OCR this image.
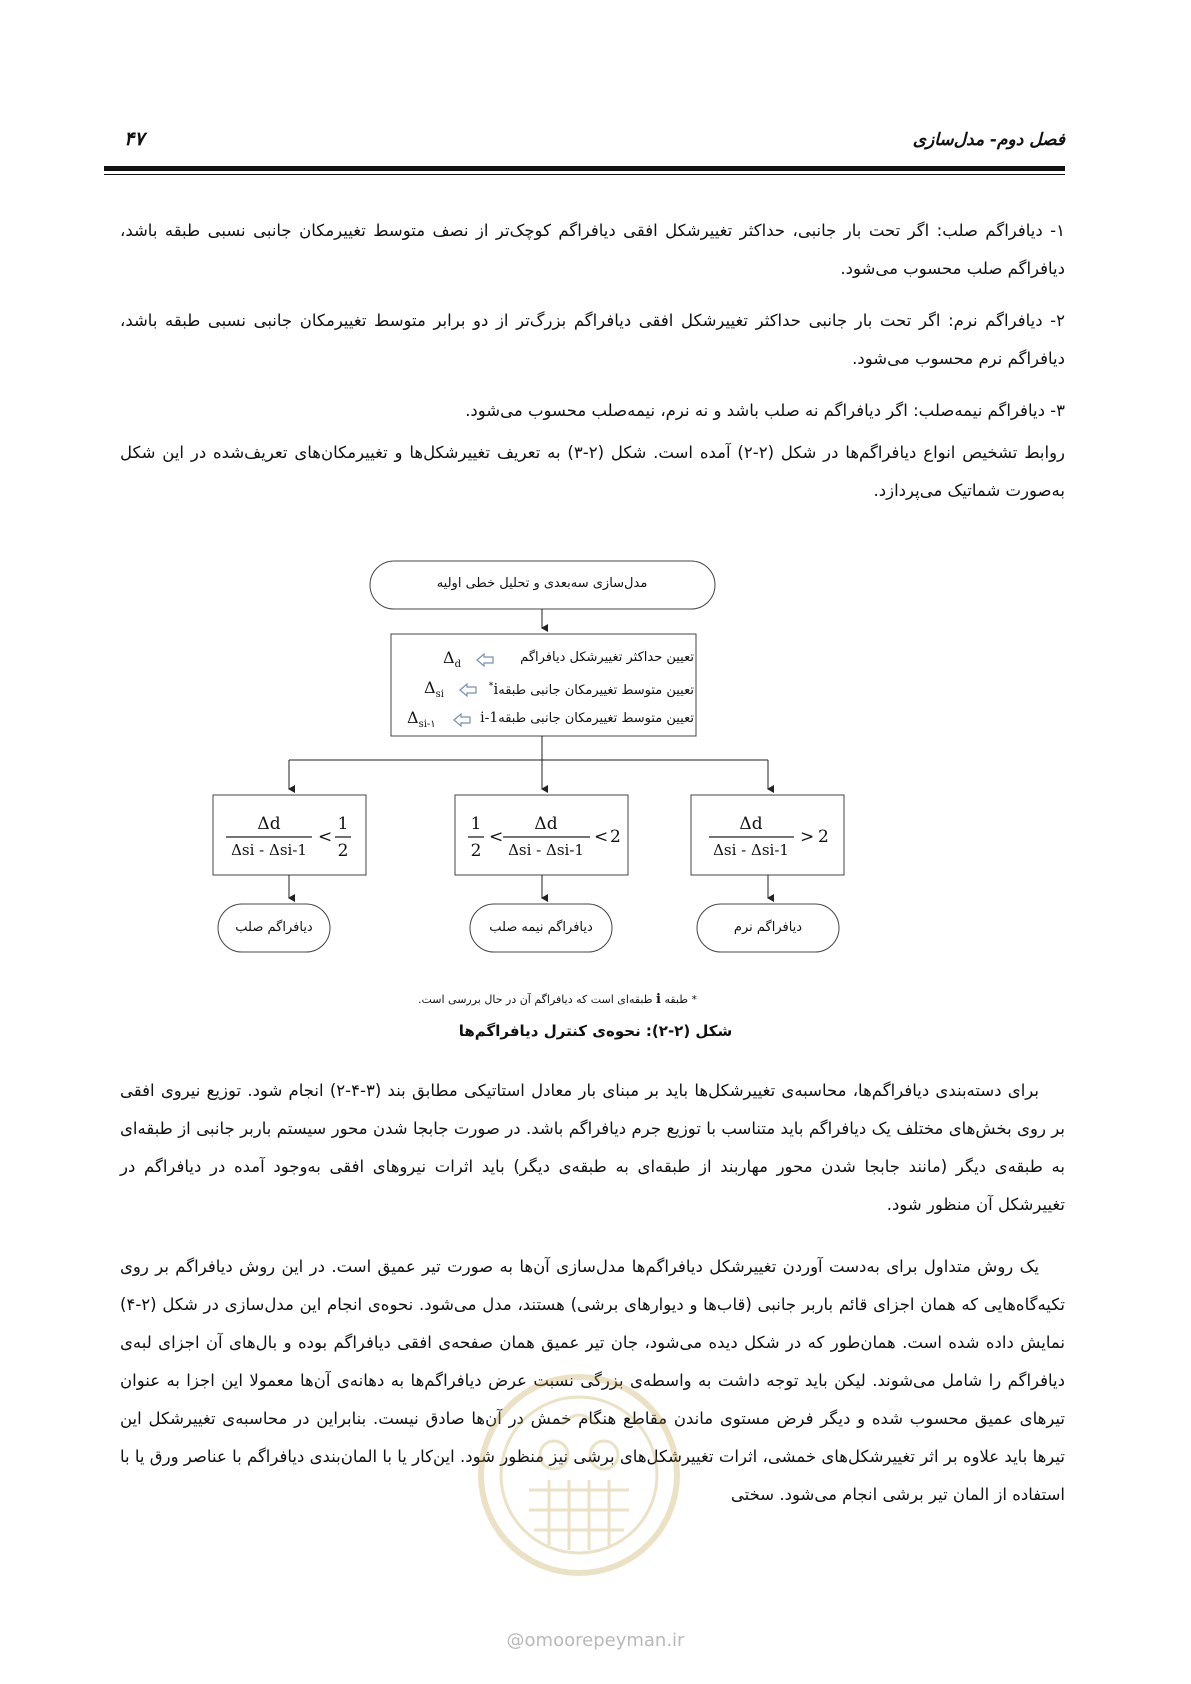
فصل دوم- مدل‌سازی
۴۷

۱- دیافراگم صلب: اگر تحت بار جانبی، حداکثر تغییرشکل افقی دیافراگم کوچک‌تر از نصف متوسط تغییرمکان جانبی نسبی طبقه باشد، دیافراگم صلب محسوب می‌شود.

۲- دیافراگم نرم: اگر تحت بار جانبی حداکثر تغییرشکل افقی دیافراگم بزرگ‌تر از دو برابر متوسط تغییرمکان جانبی نسبی طبقه باشد، دیافراگم نرم محسوب می‌شود.

۳- دیافراگم نیمه‌صلب: اگر دیافراگم نه صلب باشد و نه نرم، نیمه‌صلب محسوب می‌شود.

روابط تشخیص انواع دیافراگم‌ها در شکل (۲-۲) آمده است. شکل (۲-۳) به تعریف تغییرشکل‌ها و تغییرمکان‌های تعریف‌شده در این شکل به‌صورت شماتیک می‌پردازد.

مدل‌سازی سه‌بعدی و تحلیل خطی اولیه
تعیین حداکثر تغییرشکل دیافراگم
$\Delta_d$
تعیین متوسط تغییرمکان جانبی طبقهi*
$\Delta_{si}$
تعیین متوسط تغییرمکان جانبی طبقهi-1
$\Delta_{si-۱}$
Δd
Δsi - Δsi-1
<
1
2
1
2
<
Δd
Δsi - Δsi-1
< 2
Δd
Δsi - Δsi-1
> 2
دیافراگم صلب	دیافراگم نیمه صلب	دیافراگم نرم
* طبقه i طبقه‌ای است که دیافراگم آن در حال بررسی است.
شکل (۲-۲): نحوه‌ی کنترل دیافراگم‌ها

برای دسته‌بندی دیافراگم‌ها، محاسبه‌ی تغییرشکل‌ها باید بر مبنای بار معادل استاتیکی مطابق بند (۳-۴-۲) انجام شود. توزیع نیروی افقی بر روی بخش‌های مختلف یک دیافراگم باید متناسب با توزیع جرم دیافراگم باشد. در صورت جابجا شدن محور سیستم باربر جانبی از طبقه‌ای به طبقه‌ی دیگر (مانند جابجا شدن محور مهاربند از طبقه‌ای به طبقه‌ی دیگر) باید اثرات نیروهای افقی به‌وجود آمده در دیافراگم در تغییرشکل آن منظور شود.

یک روش متداول برای به‌دست آوردن تغییرشکل دیافراگم‌ها مدل‌سازی آن‌ها به صورت تیر عمیق است. در این روش دیافراگم بر روی تکیه‌گاه‌هایی که همان اجزای قائم باربر جانبی (قاب‌ها و دیوارهای برشی) هستند، مدل می‌شود. نحوه‌ی انجام این مدل‌سازی در شکل (۲-۴) نمایش داده شده است. همان‌طور که در شکل دیده می‌شود، جان تیر عمیق همان صفحه‌ی افقی دیافراگم بوده و بال‌های آن اجزای لبه‌ی دیافراگم را شامل می‌شوند. لیکن باید توجه داشت به واسطه‌ی بزرگی نسبت عرض دیافراگم‌ها به دهانه‌ی آن‌ها معمولا این اجزا به عنوان تیرهای عمیق محسوب شده و دیگر فرض مستوی ماندن مقاطع هنگام خمش در آن‌ها صادق نیست. بنابراین در محاسبه‌ی تغییرشکل این تیرها باید علاوه بر اثر تغییرشکل‌های خمشی، اثرات تغییرشکل‌های برشی نیز منظور شود. این‌کار یا با المان‌بندی دیافراگم با عناصر ورق یا با استفاده از المان تیر برشی انجام می‌شود. سختی

@omoorepeyman.ir
